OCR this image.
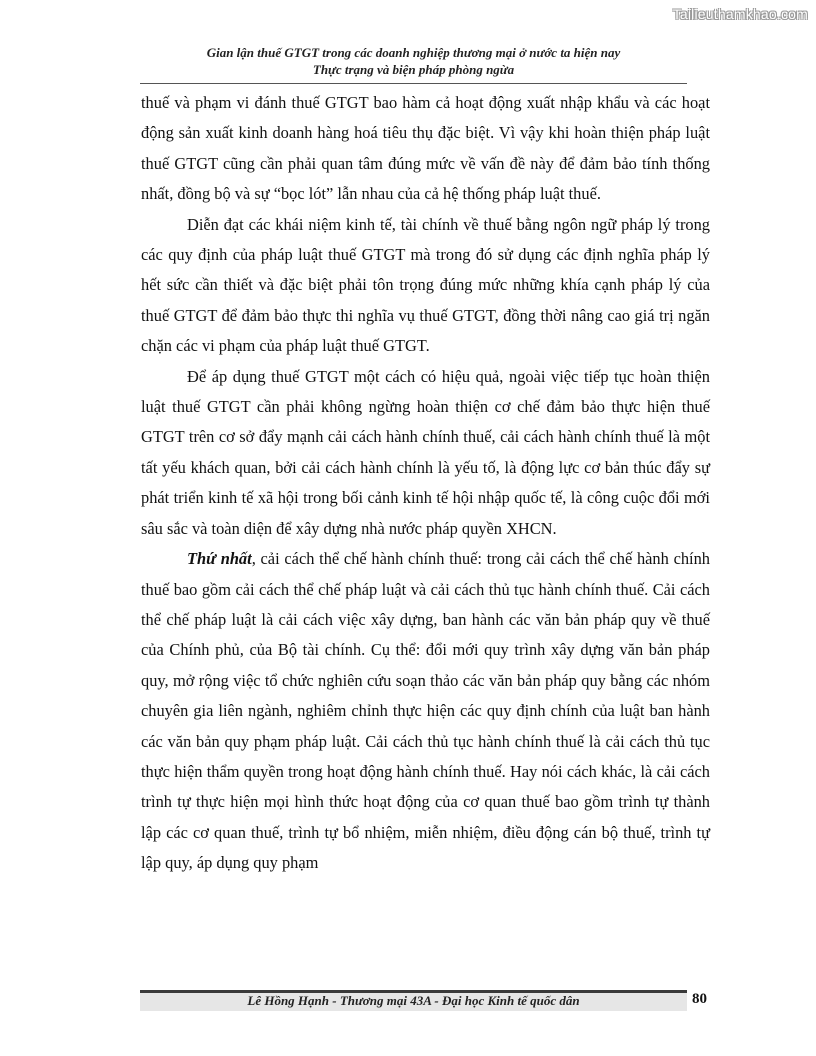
Tailieuthamkhao.com
Gian lận thuế GTGT trong các doanh nghiệp thương mại ở nước ta hiện nay
Thực trạng và biện pháp phòng ngừa

thuế và phạm vi đánh thuế GTGT bao hàm cả hoạt động xuất nhập khẩu và các hoạt động sản xuất kinh doanh hàng hoá tiêu thụ đặc biệt. Vì vậy khi hoàn thiện pháp luật thuế GTGT cũng cần phải quan tâm đúng mức về vấn đề này để đảm bảo tính thống nhất, đồng bộ và sự “bọc lót” lẫn nhau của cả hệ thống pháp luật thuế.

Diễn đạt các khái niệm kinh tế, tài chính về thuế bằng ngôn ngữ pháp lý trong các quy định của pháp luật thuế GTGT mà trong đó sử dụng các định nghĩa pháp lý hết sức cần thiết và đặc biệt phải tôn trọng đúng mức những khía cạnh pháp lý của thuế GTGT để đảm bảo thực thi nghĩa vụ thuế GTGT, đồng thời nâng cao giá trị ngăn chặn các vi phạm của pháp luật thuế GTGT.

Để áp dụng thuế GTGT một cách có hiệu quả, ngoài việc tiếp tục hoàn thiện luật thuế GTGT cần phải không ngừng hoàn thiện cơ chế đảm bảo thực hiện thuế GTGT trên cơ sở đẩy mạnh cải cách hành chính thuế, cải cách hành chính thuế là một tất yếu khách quan, bởi cải cách hành chính là yếu tố, là động lực cơ bản thúc đẩy sự phát triển kinh tế xã hội trong bối cảnh kinh tế hội nhập quốc tế, là công cuộc đổi mới sâu sắc và toàn diện để xây dựng nhà nước pháp quyền XHCN.

Thứ nhất, cải cách thể chế hành chính thuế: trong cải cách thể chế hành chính thuế bao gồm cải cách thể chế pháp luật và cải cách thủ tục hành chính thuế. Cải cách thể chế pháp luật là cải cách việc xây dựng, ban hành các văn bản pháp quy về thuế của Chính phủ, của Bộ tài chính. Cụ thể: đổi mới quy trình xây dựng văn bản pháp quy, mở rộng việc tổ chức nghiên cứu soạn thảo các văn bản pháp quy bằng các nhóm chuyên gia liên ngành, nghiêm chỉnh thực hiện các quy định chính của luật ban hành các văn bản quy phạm pháp luật. Cải cách thủ tục hành chính thuế là cải cách thủ tục thực hiện thẩm quyền trong hoạt động hành chính thuế. Hay nói cách khác, là cải cách trình tự thực hiện mọi hình thức hoạt động của cơ quan thuế bao gồm trình tự thành lập các cơ quan thuế, trình tự bổ nhiệm, miễn nhiệm, điều động cán bộ thuế, trình tự lập quy, áp dụng quy phạm

Lê Hồng Hạnh - Thương mại 43A - Đại học Kinh tế quốc dân	80
